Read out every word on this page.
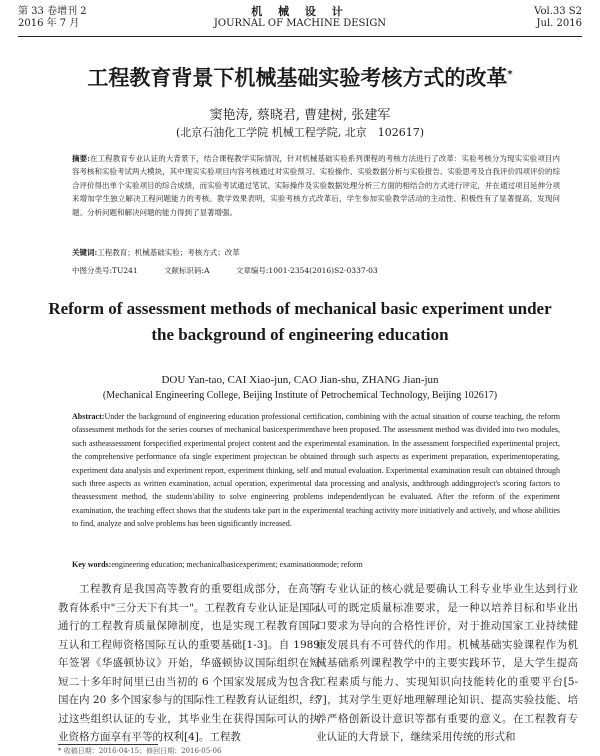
第 33 卷增刊 2
2016 年 7 月
机 械 设 计
JOURNAL OF MACHINE DESIGN
Vol.33 S2
Jul. 2016
工程教育背景下机械基础实验考核方式的改革*
窦艳涛, 蔡晓君, 曹建树, 张建军
(北京石油化工学院 机械工程学院, 北京　102617)
摘要:在工程教育专业认证的大背景下，结合课程教学实际情况，针对机械基础实验系列课程的考核方法进行了改革：实验考核分为现实实验项目内容考核和实验考试两大模块，其中现实实验项目内容考核通过对实验预习、实验操作、实验数据分析与实验报告、实验思考及自我评价四项评价的综合评价得出单个实验项目的综合成绩，而实验考试通过笔试、实际操作及实验数据处理分析三方面的相结合的方式进行评定，并在通过项目延伸分项来增加学生独立解决工程问题能力的考核。教学效果表明，实验考核方式改革后，学生参加实验教学活动的主动性、积极性有了显著提高，发现问题、分析问题和解决问题的能力得到了显著增强。
关键词:工程教育；机械基础实验；考核方式；改革
中图分类号:TU241	文献标识码:A	文章编号:1001-2354(2016)S2-0337-03
Reform of assessment methods of mechanical basic experiment under
the background of engineering education
DOU Yan-tao, CAI Xiao-jun, CAO Jian-shu, ZHANG Jian-jun
(Mechanical Engineering College, Beijing Institute of Petrochemical Technology, Beijing 102617)
Abstract:Under the background of engineering education professional certification, combining with the actual situation of course teaching, the reform ofassessment methods for the series courses of mechanical basicexperimenthave been proposed. The assessment method was divided into two modules, such astheassessment forspecified experimental project content and the experimental examination. In the assessment forspecified experimental project, the comprehensive performance ofa single experiment projectcan be obtained through such aspects as experiment preparation, experimentoperating, experiment data analysis and experiment report, experiment thinking, self and mutual evaluation. Experimental examination result can obtained through such three aspects as written examination, actual operation, experimental data processing and analysis, andthrough addingproject's scoring factors to theassessment method, the students'ability to solve engineering problems independentlycan be evaluated. After the reform of the experiment examination, the teaching effect shows that the students take part in the experimental teaching activity more initiatively and actively, and whose abilities to find, analyze and solve problems has been significantly increased.
Key words:engineering education; mechanicalbasicexperiment; examinationmode; reform
工程教育是我国高等教育的重要组成部分，在高等教育体系中"三分天下有其一"。工程教育专业认证是国际通行的工程教育质量保障制度，也是实现工程教育国际互认和工程师资格国际互认的重要基础[1-3]。自 1989 年签署《华盛顿协议》开始，华盛顿协议国际组织在短短二十多年时间里已由当初的 6 个国家发展成为包含我国在内 20 多个国家参与的国际性工程教育认证组织，经过这些组织认证的专业，其毕业生在获得国际可认的执业资格方面享有平等的权利[4]。工程教
育专业认证的核心就是要确认工科专业毕业生达到行业认可的既定质量标准要求，是一种以培养目标和毕业出口要求为导向的合格性评价，对于推动国家工业持续健康发展具有不可替代的作用。机械基础实验课程作为机械基础系列课程教学中的主要实践环节，是大学生提高工程素质与能力、实现知识向技能转化的重要平台[5-7]，其对学生更好地理解理论知识、提高实验技能、培养严格创新设计意识等都有重要的意义。在工程教育专业认证的大背景下，继续采用传统的形式和
* 收稿日期：2016-04-15；修回日期：2016-05-06
